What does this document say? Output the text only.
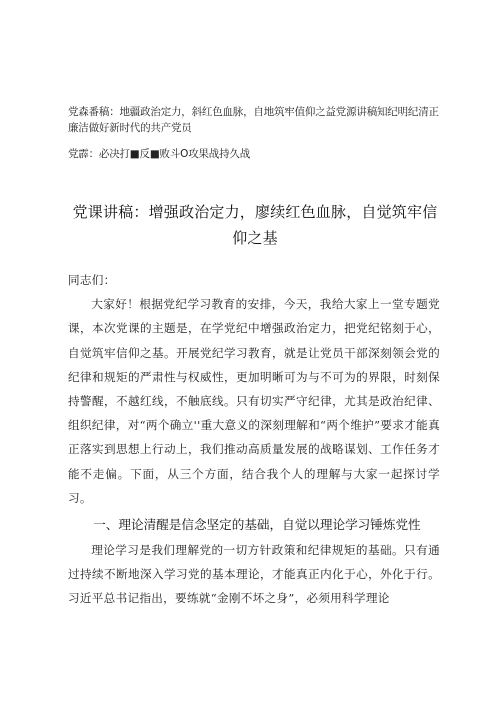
党森番稿：地疆政治定力，斜红色血脉，自地筑牢值仰之益党源讲稿知纪明纪清正廉洁做好新时代的共产党员
党霹：必决打■反■败斗O攻果战持久战
党课讲稿：增强政治定力，廖续红色血脉，自觉筑牢信仰之基
同志们：
大家好！根据党纪学习教育的安排，今天，我给大家上一堂专题党课，本次党课的主题是，在学党纪中增强政治定力，把党纪铭刻于心，自觉筑牢信仰之基。开展党纪学习教育，就是让党员干部深刻领会党的纪律和规矩的严肃性与权威性，更加明晰可为与不可为的界限，时刻保持警醒，不越红线，不触底线。只有切实严守纪律，尤其是政治纪律、组织纪律，对“两个确立''重大意义的深刻理解和“两个维护”要求才能真正落实到思想上行动上，我们推动高质量发展的战略谋划、工作任务才能不走偏。下面，从三个方面，结合我个人的理解与大家一起探讨学习。
一、理论清醒是信念坚定的基础，自觉以理论学习锤炼党性
理论学习是我们理解党的一切方针政策和纪律规矩的基础。只有通过持续不断地深入学习党的基本理论，才能真正内化于心，外化于行。习近平总书记指出，要练就“金刚不坏之身”，必须用科学理论
